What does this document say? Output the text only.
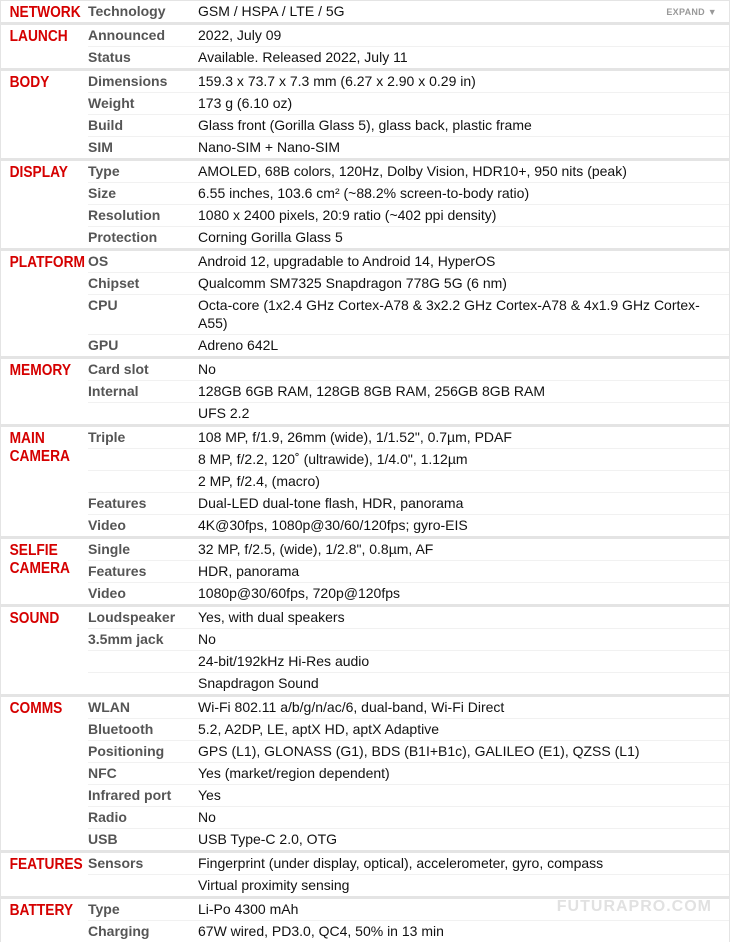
NETWORK Technology	GSM / HSPA / LTE / 5G	EXPAND ▼
LAUNCH	Announced	2022, July 09
Status	Available. Released 2022, July 11
BODY	Dimensions	159.3 x 73.7 x 7.3 mm (6.27 x 2.90 x 0.29 in)
Weight	173 g (6.10 oz)
Build	Glass front (Gorilla Glass 5), glass back, plastic frame
SIM	Nano-SIM + Nano-SIM
DISPLAY	Type	AMOLED, 68B colors, 120Hz, Dolby Vision, HDR10+, 950 nits (peak)
Size	6.55 inches, 103.6 cm² (~88.2% screen-to-body ratio)
Resolution	1080 x 2400 pixels, 20:9 ratio (~402 ppi density)
Protection	Corning Gorilla Glass 5
PLATFORM OS	Android 12, upgradable to Android 14, HyperOS
Chipset	Qualcomm SM7325 Snapdragon 778G 5G (6 nm)
CPU	Octa-core (1x2.4 GHz Cortex-A78 & 3x2.2 GHz Cortex-A78 & 4x1.9 GHz Cortex-A55)
GPU	Adreno 642L
MEMORY	Card slot	No
Internal	128GB 6GB RAM, 128GB 8GB RAM, 256GB 8GB RAM
UFS 2.2
MAIN
CAMERA
Triple	108 MP, f/1.9, 26mm (wide), 1/1.52", 0.7µm, PDAF
8 MP, f/2.2, 120˚ (ultrawide), 1/4.0", 1.12µm
2 MP, f/2.4, (macro)
Features	Dual-LED dual-tone flash, HDR, panorama
Video	4K@30fps, 1080p@30/60/120fps; gyro-EIS
SELFIE
CAMERA
Single	32 MP, f/2.5, (wide), 1/2.8", 0.8µm, AF
Features	HDR, panorama
Video	1080p@30/60fps, 720p@120fps
SOUND	Loudspeaker	Yes, with dual speakers
3.5mm jack	No
24-bit/192kHz Hi-Res audio
Snapdragon Sound
COMMS	WLAN	Wi-Fi 802.11 a/b/g/n/ac/6, dual-band, Wi-Fi Direct
Bluetooth	5.2, A2DP, LE, aptX HD, aptX Adaptive
Positioning	GPS (L1), GLONASS (G1), BDS (B1I+B1c), GALILEO (E1), QZSS (L1)
NFC	Yes (market/region dependent)
Infrared port	Yes
Radio	No
USB	USB Type-C 2.0, OTG
FEATURES Sensors	Fingerprint (under display, optical), accelerometer, gyro, compass
Virtual proximity sensing
BATTERY Type	Li-Po 4300 mAh
Charging	67W wired, PD3.0, QC4, 50% in 13 min
FUTURAPRO.COM
